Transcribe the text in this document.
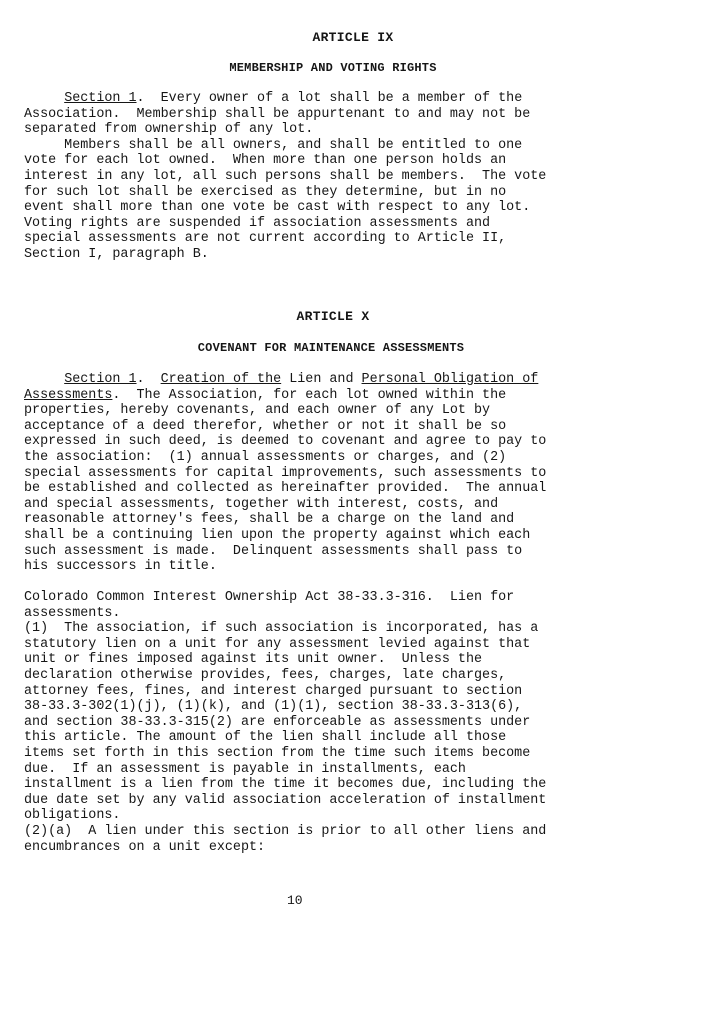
ARTICLE IX

MEMBERSHIP AND VOTING RIGHTS

Section 1.  Every owner of a lot shall be a member of the
Association.  Membership shall be appurtenant to and may not be
separated from ownership of any lot.
Members shall be all owners, and shall be entitled to one
vote for each lot owned.  When more than one person holds an
interest in any lot, all such persons shall be members.  The vote
for such lot shall be exercised as they determine, but in no
event shall more than one vote be cast with respect to any lot.
Voting rights are suspended if association assessments and
special assessments are not current according to Article II,
Section I, paragraph B.

ARTICLE X

COVENANT FOR MAINTENANCE ASSESSMENTS

Section 1.  Creation of the Lien and Personal Obligation of
Assessments.  The Association, for each lot owned within the
properties, hereby covenants, and each owner of any Lot by
acceptance of a deed therefor, whether or not it shall be so
expressed in such deed, is deemed to covenant and agree to pay to
the association:  (1) annual assessments or charges, and (2)
special assessments for capital improvements, such assessments to
be established and collected as hereinafter provided.  The annual
and special assessments, together with interest, costs, and
reasonable attorney's fees, shall be a charge on the land and
shall be a continuing lien upon the property against which each
such assessment is made.  Delinquent assessments shall pass to
his successors in title.

Colorado Common Interest Ownership Act 38-33.3-316.  Lien for
assessments.
(1)  The association, if such association is incorporated, has a
statutory lien on a unit for any assessment levied against that
unit or fines imposed against its unit owner.  Unless the
declaration otherwise provides, fees, charges, late charges,
attorney fees, fines, and interest charged pursuant to section
38-33.3-302(1)(j), (1)(k), and (1)(1), section 38-33.3-313(6),
and section 38-33.3-315(2) are enforceable as assessments under
this article. The amount of the lien shall include all those
items set forth in this section from the time such items become
due.  If an assessment is payable in installments, each
installment is a lien from the time it becomes due, including the
due date set by any valid association acceleration of installment
obligations.
(2)(a)  A lien under this section is prior to all other liens and
encumbrances on a unit except:

10
